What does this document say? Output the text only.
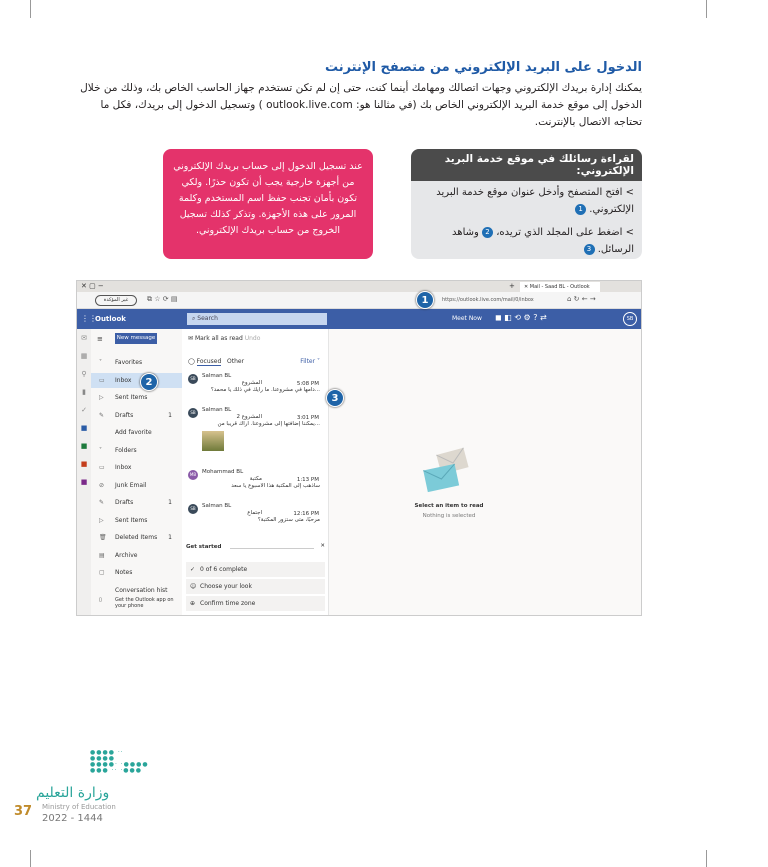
الدخول على البريد الإلكتروني من متصفح الإنترنت
يمكنك إدارة بريدك الإلكتروني وجهات اتصالك ومهامك أينما كنت، حتى إن لم تكن تستخدم جهاز الحاسب الخاص بك، وذلك من خلال الدخول إلى موقع خدمة البريد الإلكتروني الخاص بك (في مثالنا هو: outlook.live.com ) وتسجيل الدخول إلى بريدك، فكل ما تحتاجه الاتصال بالإنترنت.
عند تسجيل الدخول إلى حساب بريدك الإلكتروني من أجهزة خارجية يجب أن تكون حذرًا. ولكي تكون بأمان تجنب حفظ اسم المستخدم وكلمة المرور على هذه الأجهزة. وتذكر كذلك تسجيل الخروج من حساب بريدك الإلكتروني.
لقراءة رسائلك في موقع خدمة البريد الإلكتروني:
> افتح المتصفح وأدخل عنوان موقع خدمة البريد الإلكتروني. 1
> اضغط على المجلد الذي تريده، 2 وشاهد الرسائل. 3
✕ ▢ −	+	✕ Mail - Saad BL - Outlook
غير المؤكدة	⧉ ☆ ⟳ ▤	https://outlook.live.com/mail/0/inbox	⌂ ↻ ← →
⋮⋮
Outlook	⌕ Search	Meet Now ◼ ◧ ⟲ ⚙ ? ⇄	SB
✉
▦
⚲
▮
✓
■
■
■
■
≡	New message
˅ Favorites
▭ Inbox
▷ Sent Items
✎ Drafts	1
Add favorite
˅ Folders
▭ Inbox
⊘ Junk Email
✎ Drafts	1
▷ Sent Items
🗑 Deleted Items 1
▤ Archive
▢ Notes
Conversation hist
▯	Get the Outlook app on your phone
✉ Mark all as read Undo
◯ Focused Other	Filter ˅
SB	Salman BL
المشروع
...دامها في مشروعنا. ما رأيك في ذلك يا محمد؟
5:08 PM
SB	Salman BL
المشروع 2
...يمكننا إضافتها إلى مشروعنا. أراك قريباً من
3:01 PM
MB	Mohammad BL
مكتبة
سأذهب إلى المكتبة هذا الأسبوع يا سعد
1:13 PM
SB	Salman BL
اجتماع
مرحبًا، متى ستزور المكتبة؟
12:16 PM
Get started	✕
✓ 0 of 6 complete
☺ Choose your look
⊕ Confirm time zone
Select an item to read
Nothing is selected
1
2
3
●●●● ·· ●●●●
●●●●· ·●●●●
●●● ·· ·●●●
وزارة التعليم
Ministry of Education
37 2022 - 1444
